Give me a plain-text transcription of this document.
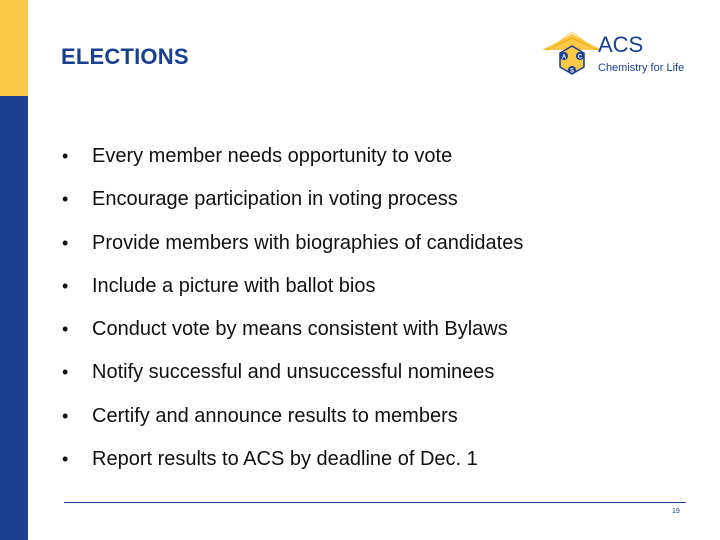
ELECTIONS	A C
S
ACS
Chemistry for Life
• Every member needs opportunity to vote
• Encourage participation in voting process
• Provide members with biographies of candidates
• Include a picture with ballot bios
• Conduct vote by means consistent with Bylaws
• Notify successful and unsuccessful nominees
• Certify and announce results to members
• Report results to ACS by deadline of Dec. 1
19
